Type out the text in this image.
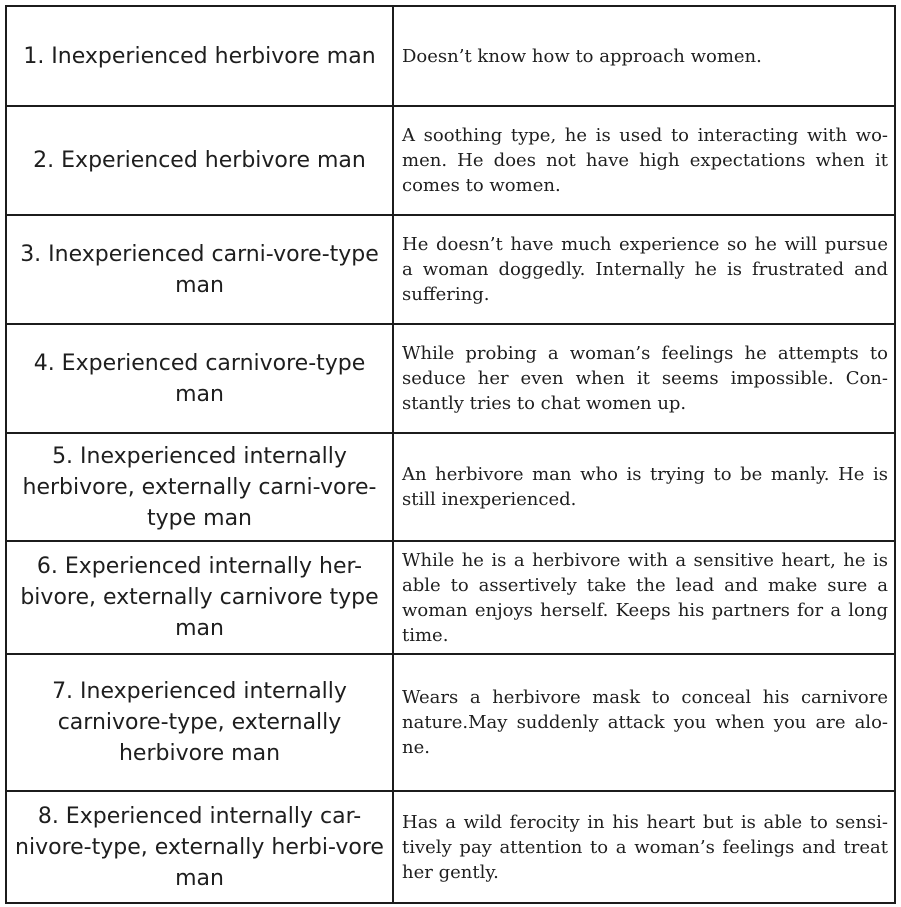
1. Inexperienced herbivore man	Doesn’t know how to approach women.
2. Experienced herbivore man	A soothing type, he is used to interacting with wo-men. He does not have high expectations when it comes to women.
3. Inexperienced carni-vore-type man	He doesn’t have much experience so he will pursue a woman doggedly. Internally he is frustrated and suffering.
4. Experienced carnivore-type man	While probing a woman’s feelings he attempts to seduce her even when it seems impossible. Con-stantly tries to chat women up.
5. Inexperienced internally herbivore, externally carni-vore-type man	An herbivore man who is trying to be manly. He is still inexperienced.
6. Experienced internally her-bivore, externally carnivore type man	While he is a herbivore with a sensitive heart, he is able to assertively take the lead and make sure a woman enjoys herself. Keeps his partners for a long time.
7. Inexperienced internally carnivore-type, externally herbivore man	Wears a herbivore mask to conceal his carnivore nature.May suddenly attack you when you are alo-ne.
8. Experienced internally car-nivore-type, externally herbi-vore man	Has a wild ferocity in his heart but is able to sensi-tively pay attention to a woman’s feelings and treat her gently.
